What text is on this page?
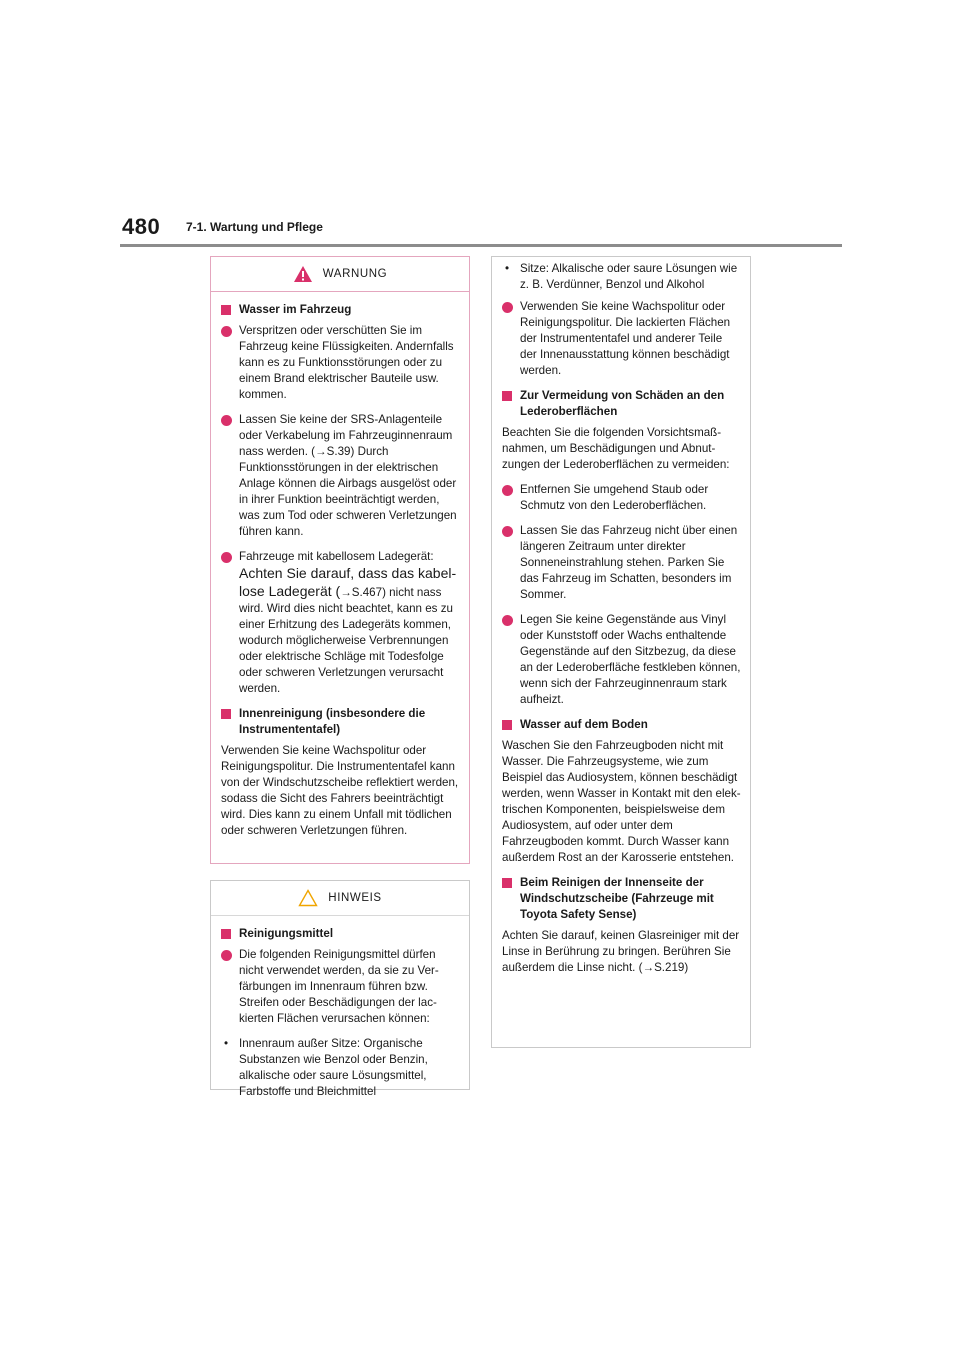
480 7-1. Wartung und Pflege
WARNUNG
Wasser im Fahrzeug
Verspritzen oder verschütten Sie im Fahrzeug keine Flüssigkeiten. Andernfalls kann es zu Funktionsstörungen oder zu einem Brand elektrischer Bauteile usw. kommen.
Lassen Sie keine der SRS-Anlagenteile oder Verkabelung im Fahrzeuginnenraum nass werden. (→S.39) Durch Funktionsstörungen in der elektrischen Anlage können die Airbags ausgelöst oder in ihrer Funktion beeinträchtigt werden, was zum Tod oder schweren Verletzungen führen kann.
Fahrzeuge mit kabellosem Ladegerät: Achten Sie darauf, dass das kabellose Ladegerät (→S.467) nicht nass wird. Wird dies nicht beachtet, kann es zu einer Erhitzung des Ladegeräts kommen, wodurch möglicherweise Verbrennungen oder elektrische Schläge mit Todesfolge oder schweren Verletzungen verursacht werden.
Innenreinigung (insbesondere die Instrumententafel)
Verwenden Sie keine Wachspolitur oder Reinigungspolitur. Die Instrumententafel kann von der Windschutzscheibe reflektiert werden, sodass die Sicht des Fahrers beeinträchtigt wird. Dies kann zu einem Unfall mit tödlichen oder schweren Verletzungen führen.
HINWEIS
Reinigungsmittel
Die folgenden Reinigungsmittel dürfen nicht verwendet werden, da sie zu Verfärbungen im Innenraum führen bzw. Streifen oder Beschädigungen der lackierten Flächen verursachen können:
• Innenraum außer Sitze: Organische Substanzen wie Benzol oder Benzin, alkalische oder saure Lösungsmittel, Farbstoffe und Bleichmittel
• Sitze: Alkalische oder saure Lösungen wie z. B. Verdünner, Benzol und Alkohol
Verwenden Sie keine Wachspolitur oder Reinigungspolitur. Die lackierten Flächen der Instrumententafel und anderer Teile der Innenausstattung können beschädigt werden.
Zur Vermeidung von Schäden an den Lederoberflächen
Beachten Sie die folgenden Vorsichtsmaßnahmen, um Beschädigungen und Abnutzungen der Lederoberflächen zu vermeiden:
Entfernen Sie umgehend Staub oder Schmutz von den Lederoberflächen.
Lassen Sie das Fahrzeug nicht über einen längeren Zeitraum unter direkter Sonneneinstrahlung stehen. Parken Sie das Fahrzeug im Schatten, besonders im Sommer.
Legen Sie keine Gegenstände aus Vinyl oder Kunststoff oder Wachs enthaltende Gegenstände auf den Sitzbezug, da diese an der Lederoberfläche festkleben können, wenn sich der Fahrzeuginnenraum stark aufheizt.
Wasser auf dem Boden
Waschen Sie den Fahrzeugboden nicht mit Wasser. Die Fahrzeugsysteme, wie zum Beispiel das Audiosystem, können beschädigt werden, wenn Wasser in Kontakt mit den elektrischen Komponenten, beispielsweise dem Audiosystem, auf oder unter dem Fahrzeugboden kommt. Durch Wasser kann außerdem Rost an der Karosserie entstehen.
Beim Reinigen der Innenseite der Windschutzscheibe (Fahrzeuge mit Toyota Safety Sense)
Achten Sie darauf, keinen Glasreiniger mit der Linse in Berührung zu bringen. Berühren Sie außerdem die Linse nicht. (→S.219)
